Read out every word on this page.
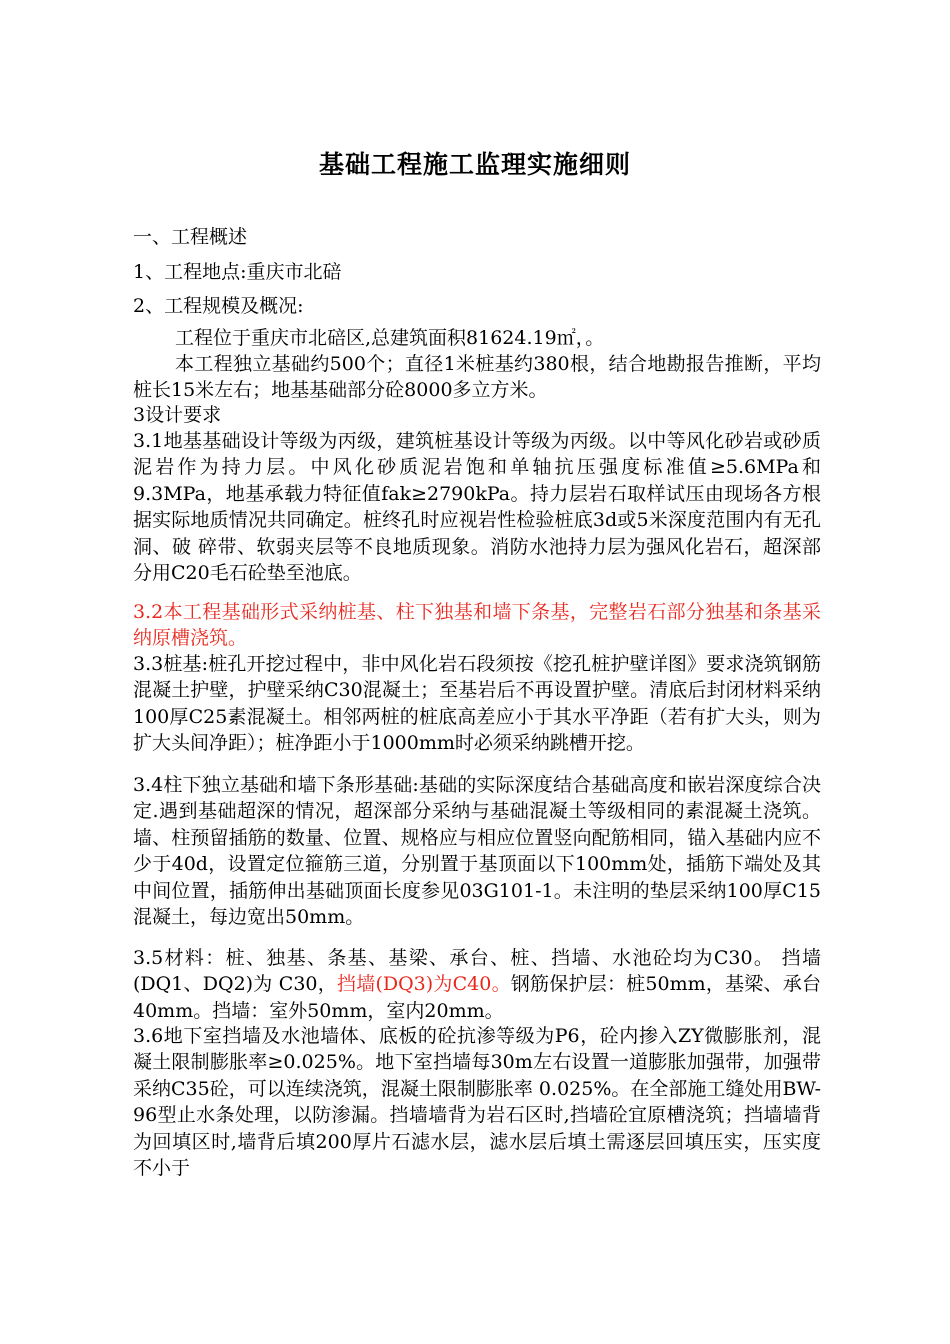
基础工程施工监理实施细则
一、工程概述
1、工程地点:重庆市北碚
2、工程规模及概况:
工程位于重庆市北碚区,总建筑面积81624.19㎡，。
本工程独立基础约500个；直径1米桩基约380根，结合地勘报告推断，平均桩长15米左右；地基基础部分砼8000多立方米。
3设计要求
3.1地基基础设计等级为丙级，建筑桩基设计等级为丙级。以中等风化砂岩或砂质泥岩作为持力层。中风化砂质泥岩饱和单轴抗压强度标准值≥5.6MPa和9.3MPa，地基承载力特征值fak≥2790kPa。持力层岩石取样试压由现场各方根据实际地质情况共同确定。桩终孔时应视岩性检验桩底3d或5米深度范围内有无孔洞、破 碎带、软弱夹层等不良地质现象。消防水池持力层为强风化岩石，超深部分用C20毛石砼垫至池底。
3.2本工程基础形式采纳桩基、柱下独基和墙下条基，完整岩石部分独基和条基采纳原槽浇筑。
3.3桩基:桩孔开挖过程中，非中风化岩石段须按《挖孔桩护壁详图》要求浇筑钢筋混凝土护壁，护壁采纳C30混凝土；至基岩后不再设置护壁。清底后封闭材料采纳100厚C25素混凝土。相邻两桩的桩底高差应小于其水平净距（若有扩大头，则为扩大头间净距）；桩净距小于1000mm时必须采纳跳槽开挖。
3.4柱下独立基础和墙下条形基础:基础的实际深度结合基础高度和嵌岩深度综合决定.遇到基础超深的情况，超深部分采纳与基础混凝土等级相同的素混凝土浇筑。墙、柱预留插筋的数量、位置、规格应与相应位置竖向配筋相同，锚入基础内应不少于40d，设置定位箍筋三道，分别置于基顶面以下100mm处，插筋下端处及其中间位置，插筋伸出基础顶面长度参见03G101-1。未注明的垫层采纳100厚C15混凝土，每边宽出50mm。
3.5材料：桩、独基、条基、基梁、承台、桩、挡墙、水池砼均为C30。 挡墙(DQ1、DQ2)为 C30，挡墙(DQ3)为C40。钢筋保护层：桩50mm，基梁、承台 40mm。挡墙：室外50mm，室内20mm。
3.6地下室挡墙及水池墙体、底板的砼抗渗等级为P6，砼内掺入ZY微膨胀剂，混凝土限制膨胀率≥0.025%。地下室挡墙每30m左右设置一道膨胀加强带，加强带采纳C35砼，可以连续浇筑，混凝土限制膨胀率 0.025%。在全部施工缝处用BW-96型止水条处理，以防渗漏。挡墙墙背为岩石区时,挡墙砼宜原槽浇筑；挡墙墙背为回填区时,墙背后填200厚片石滤水层，滤水层后填土需逐层回填压实，压实度不小于
